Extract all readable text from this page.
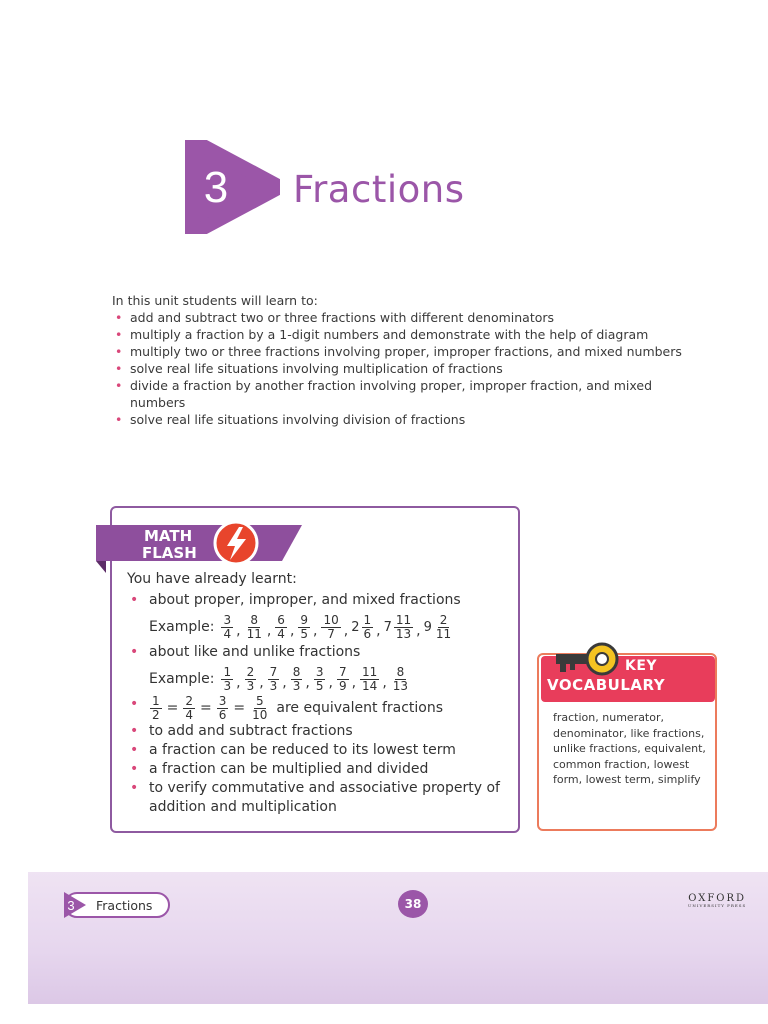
3 Fractions
In this unit students will learn to:
• add and subtract two or three fractions with different denominators
• multiply a fraction by a 1-digit numbers and demonstrate with the help of diagram
• multiply two or three fractions involving proper, improper fractions, and mixed numbers
• solve real life situations involving multiplication of fractions
• divide a fraction by another fraction involving proper, improper fraction, and mixed numbers
• solve real life situations involving division of fractions
MATH
FLASH
You have already learnt:
• about proper, improper, and mixed fractions
Example: $\frac{3}{4}$ , $\frac{8}{11}$ , $\frac{6}{4}$ , $\frac{9}{5}$ , $\frac{10}{7}$ , $2 \frac{1}{6}$ , $7 \frac{11}{13}$ , $9 \frac{2}{11}$
• about like and unlike fractions
Example: $\frac{1}{3}$ , $\frac{2}{3}$ , $\frac{7}{3}$ , $\frac{8}{3}$ , $\frac{3}{5}$ , $\frac{7}{9}$ , $\frac{11}{14}$ , $\frac{8}{13}$
• $\frac{1}{2} = \frac{2}{4} = \frac{3}{6} = \frac{5}{10}$ are equivalent fractions
• to add and subtract fractions
• a fraction can be reduced to its lowest term
• a fraction can be multiplied and divided
• to verify commutative and associative property of addition and multiplication
KEY
VOCABULARY
fraction, numerator, denominator, like fractions, unlike fractions, equivalent, common fraction, lowest form, lowest term, simplify
3 Fractions	38	OXFORD
UNIVERSITY PRESS
